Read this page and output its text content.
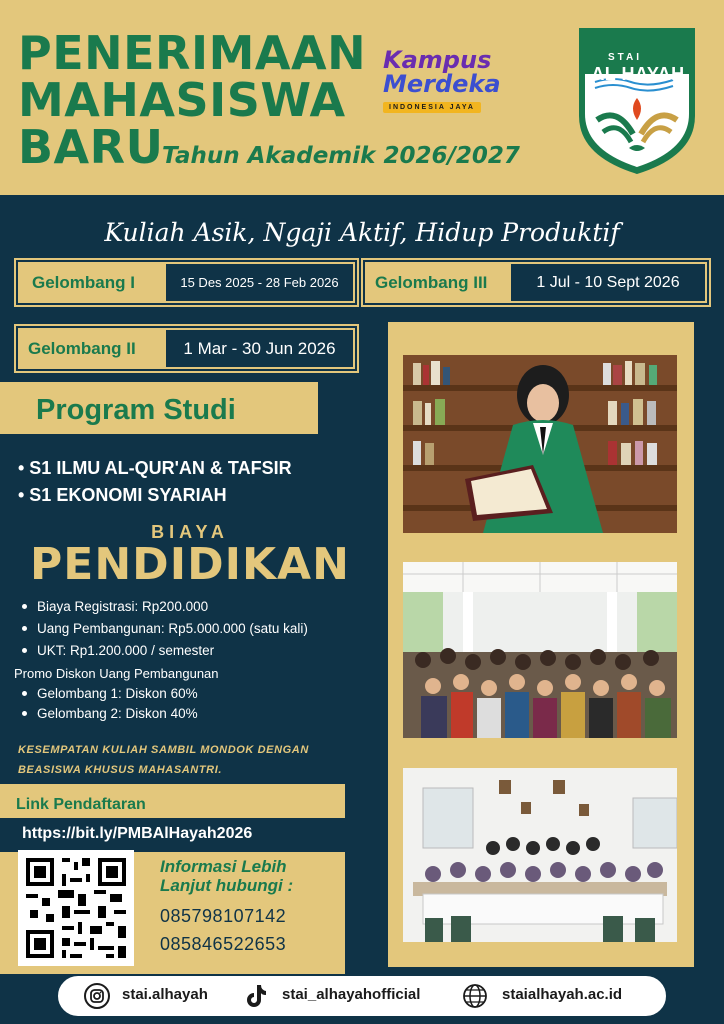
PENERIMAAN
MAHASISWA
BARU
Tahun Akademik 2026/2027
Kampus
Merdeka
INDONESIA JAYA
STAI
AL HAYAH
Kuliah Asik, Ngaji Aktif, Hidup Produktif
Gelombang I	15 Des 2025 - 28 Feb 2026	Gelombang III	1 Jul - 10 Sept 2026
Gelombang II	1 Mar - 30 Jun 2026
Program Studi
• S1 ILMU AL-QUR'AN & TAFSIR
• S1 EKONOMI SYARIAH
BIAYA
PENDIDIKAN
Biaya Registrasi: Rp200.000
Uang Pembangunan: Rp5.000.000 (satu kali)
UKT: Rp1.200.000 / semester
Promo Diskon Uang Pembangunan
Gelombang 1: Diskon 60%
Gelombang 2: Diskon 40%
KESEMPATAN KULIAH SAMBIL MONDOK DENGAN BEASISWA KHUSUS MAHASANTRI.
Link Pendaftaran
https://bit.ly/PMBAlHayah2026
Informasi Lebih
Lanjut hubungi :
085798107142
085846522653
stai.alhayah	stai_alhayahofficial	staialhayah.ac.id
